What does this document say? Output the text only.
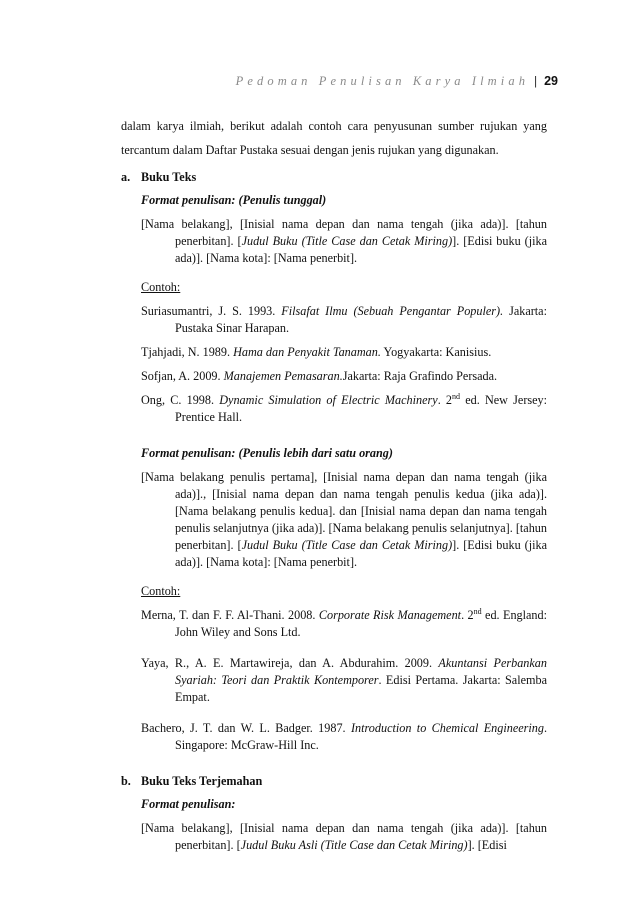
Pedoman Penulisan Karya Ilmiah | 29

dalam karya ilmiah, berikut adalah contoh cara penyusunan sumber rujukan yang

tercantum dalam Daftar Pustaka sesuai dengan jenis rujukan yang digunakan.

a. Buku Teks

Format penulisan: (Penulis tunggal)

[Nama belakang], [Inisial nama depan dan nama tengah (jika ada)]. [tahun penerbitan]. [Judul Buku (Title Case dan Cetak Miring)]. [Edisi buku (jika ada)]. [Nama kota]: [Nama penerbit].

Contoh:

Suriasumantri, J. S. 1993. Filsafat Ilmu (Sebuah Pengantar Populer). Jakarta: Pustaka Sinar Harapan.

Tjahjadi, N. 1989. Hama dan Penyakit Tanaman. Yogyakarta: Kanisius.

Sofjan, A. 2009. Manajemen Pemasaran.Jakarta: Raja Grafindo Persada.

Ong, C. 1998. Dynamic Simulation of Electric Machinery. 2nd ed. New Jersey: Prentice Hall.

Format penulisan: (Penulis lebih dari satu orang)

[Nama belakang penulis pertama], [Inisial nama depan dan nama tengah (jika ada)]., [Inisial nama depan dan nama tengah penulis kedua (jika ada)]. [Nama belakang penulis kedua]. dan [Inisial nama depan dan nama tengah penulis selanjutnya (jika ada)]. [Nama belakang penulis selanjutnya]. [tahun penerbitan]. [Judul Buku (Title Case dan Cetak Miring)]. [Edisi buku (jika ada)]. [Nama kota]: [Nama penerbit].

Contoh:

Merna, T. dan F. F. Al-Thani. 2008. Corporate Risk Management. 2nd ed. England: John Wiley and Sons Ltd.

Yaya, R., A. E. Martawireja, dan A. Abdurahim. 2009. Akuntansi Perbankan Syariah: Teori dan Praktik Kontemporer. Edisi Pertama. Jakarta: Salemba Empat.

Bachero, J. T. dan W. L. Badger. 1987. Introduction to Chemical Engineering. Singapore: McGraw-Hill Inc.

b. Buku Teks Terjemahan

Format penulisan:

[Nama belakang], [Inisial nama depan dan nama tengah (jika ada)]. [tahun penerbitan]. [Judul Buku Asli (Title Case dan Cetak Miring)]. [Edisi
